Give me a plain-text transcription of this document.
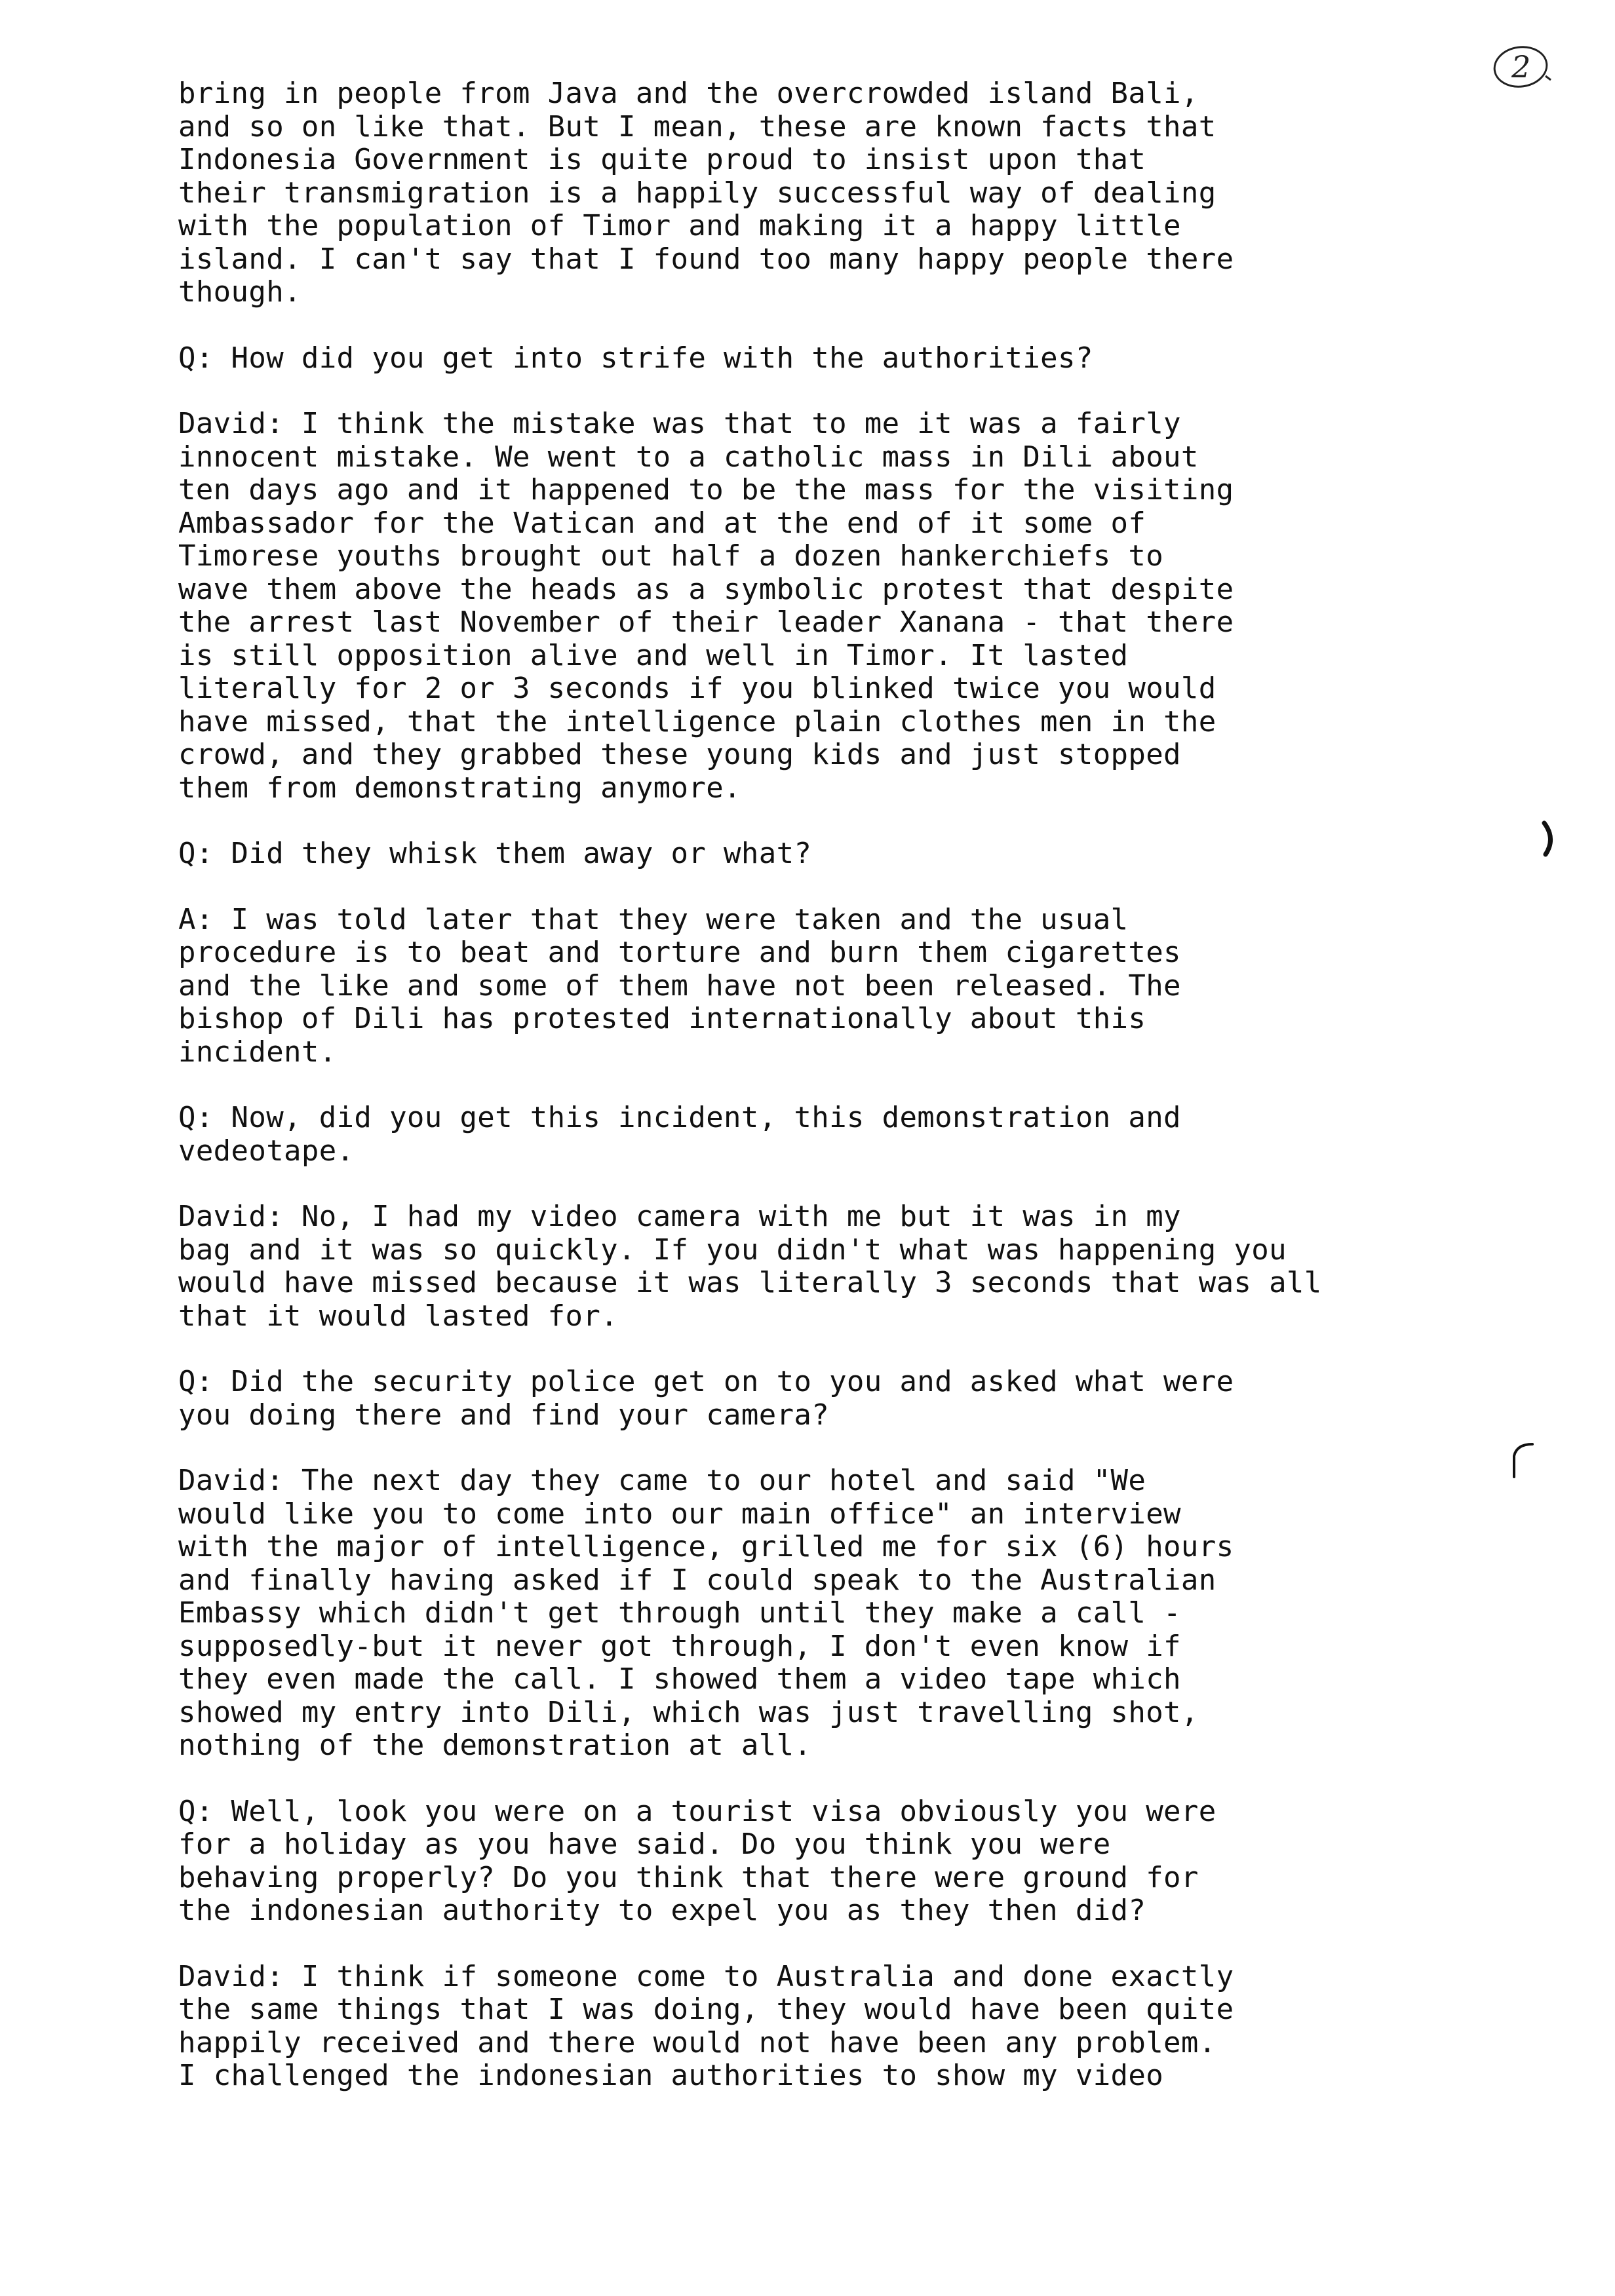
2
bring in people from Java and the overcrowded island Bali,
and so on like that. But I mean, these are known facts that
Indonesia Government is quite proud to insist upon that
their transmigration is a happily successful way of dealing
with the population of Timor and making it a happy little
island. I can't say that I found too many happy people there
though.
Q: How did you get into strife with the authorities?
David: I think the mistake was that to me it was a fairly
innocent mistake. We went to a catholic mass in Dili about
ten days ago and it happened to be the mass for the visiting
Ambassador for the Vatican and at the end of it some of
Timorese youths brought out half a dozen hankerchiefs to
wave them above the heads as a symbolic protest that despite
the arrest last November of their leader Xanana - that there
is still opposition alive and well in Timor. It lasted
literally for 2 or 3 seconds if you blinked twice you would
have missed, that the intelligence plain clothes men in the
crowd, and they grabbed these young kids and just stopped
them from demonstrating anymore.
Q: Did they whisk them away or what?
A: I was told later that they were taken and the usual
procedure is to beat and torture and burn them cigarettes
and the like and some of them have not been released. The
bishop of Dili has protested internationally about this
incident.
Q: Now, did you get this incident, this demonstration and
vedeotape.
David: No, I had my video camera with me but it was in my
bag and it was so quickly. If you didn't what was happening you
would have missed because it was literally 3 seconds that was all
that it would lasted for.
Q: Did the security police get on to you and asked what were
you doing there and find your camera?
David: The next day they came to our hotel and said "We
would like you to come into our main office" an interview
with the major of intelligence, grilled me for six (6) hours
and finally having asked if I could speak to the Australian
Embassy which didn't get through until they make a call -
supposedly-but it never got through, I don't even know if
they even made the call. I showed them a video tape which
showed my entry into Dili, which was just travelling shot,
nothing of the demonstration at all.
Q: Well, look you were on a tourist visa obviously you were
for a holiday as you have said. Do you think you were
behaving properly? Do you think that there were ground for
the indonesian authority to expel you as they then did?
David: I think if someone come to Australia and done exactly
the same things that I was doing, they would have been quite
happily received and there would not have been any problem.
I challenged the indonesian authorities to show my video
